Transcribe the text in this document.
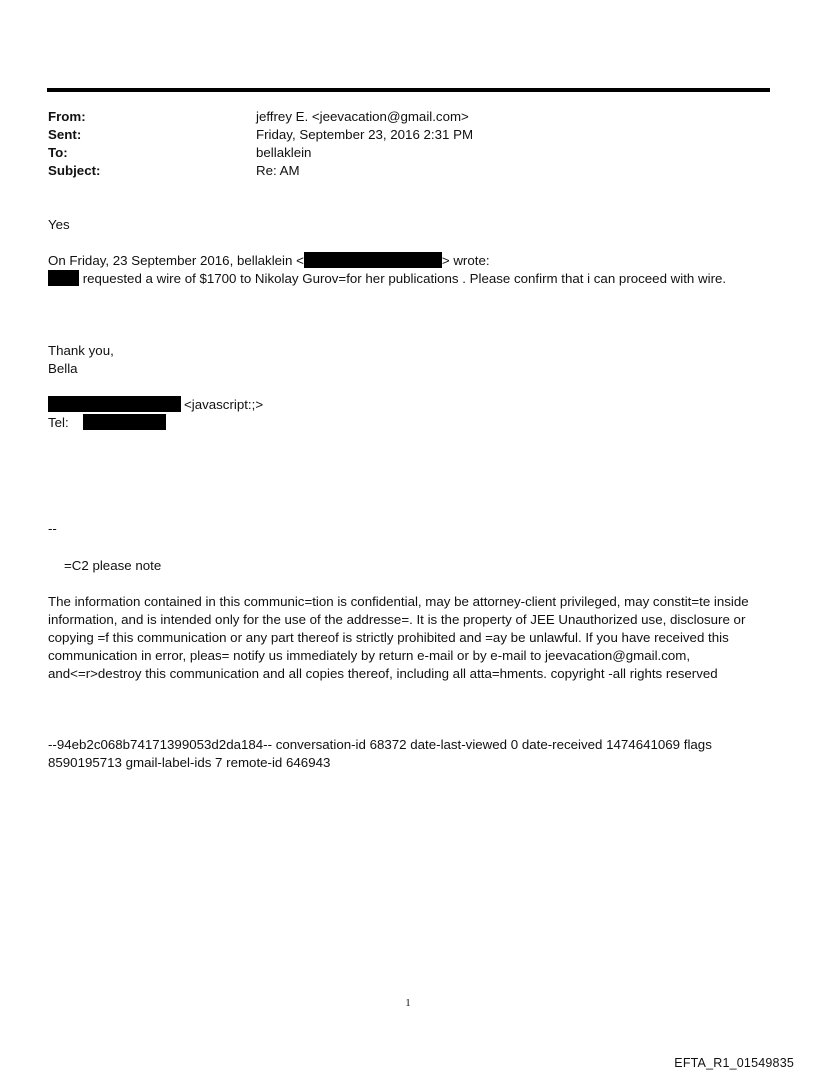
From:	jeffrey E. <jeevacation@gmail.com>
Sent:	Friday, September 23, 2016 2:31 PM
To:	bellaklein
Subject:	Re: AM
Yes
On Friday, 23 September 2016, bellaklein <	> wrote:
requested a wire of $1700 to Nikolay Gurov=for her publications . Please confirm that i can proceed with wire.
Thank you,
Bella
<javascript:;>
Tel:
--
=C2 please note
The information contained in this communic=tion is confidential, may be attorney-client privileged, may constit=te inside information, and is intended only for the use of the addresse=. It is the property of JEE Unauthorized use, disclosure or copying =f this communication or any part thereof is strictly prohibited and =ay be unlawful. If you have received this communication in error, pleas= notify us immediately by return e-mail or by e-mail to jeevacation@gmail.com, and<=r>destroy this communication and all copies thereof, including all atta=hments. copyright -all rights reserved
--94eb2c068b74171399053d2da184-- conversation-id 68372 date-last-viewed 0 date-received 1474641069 flags 8590195713 gmail-label-ids 7 remote-id 646943
1
EFTA_R1_01549835
